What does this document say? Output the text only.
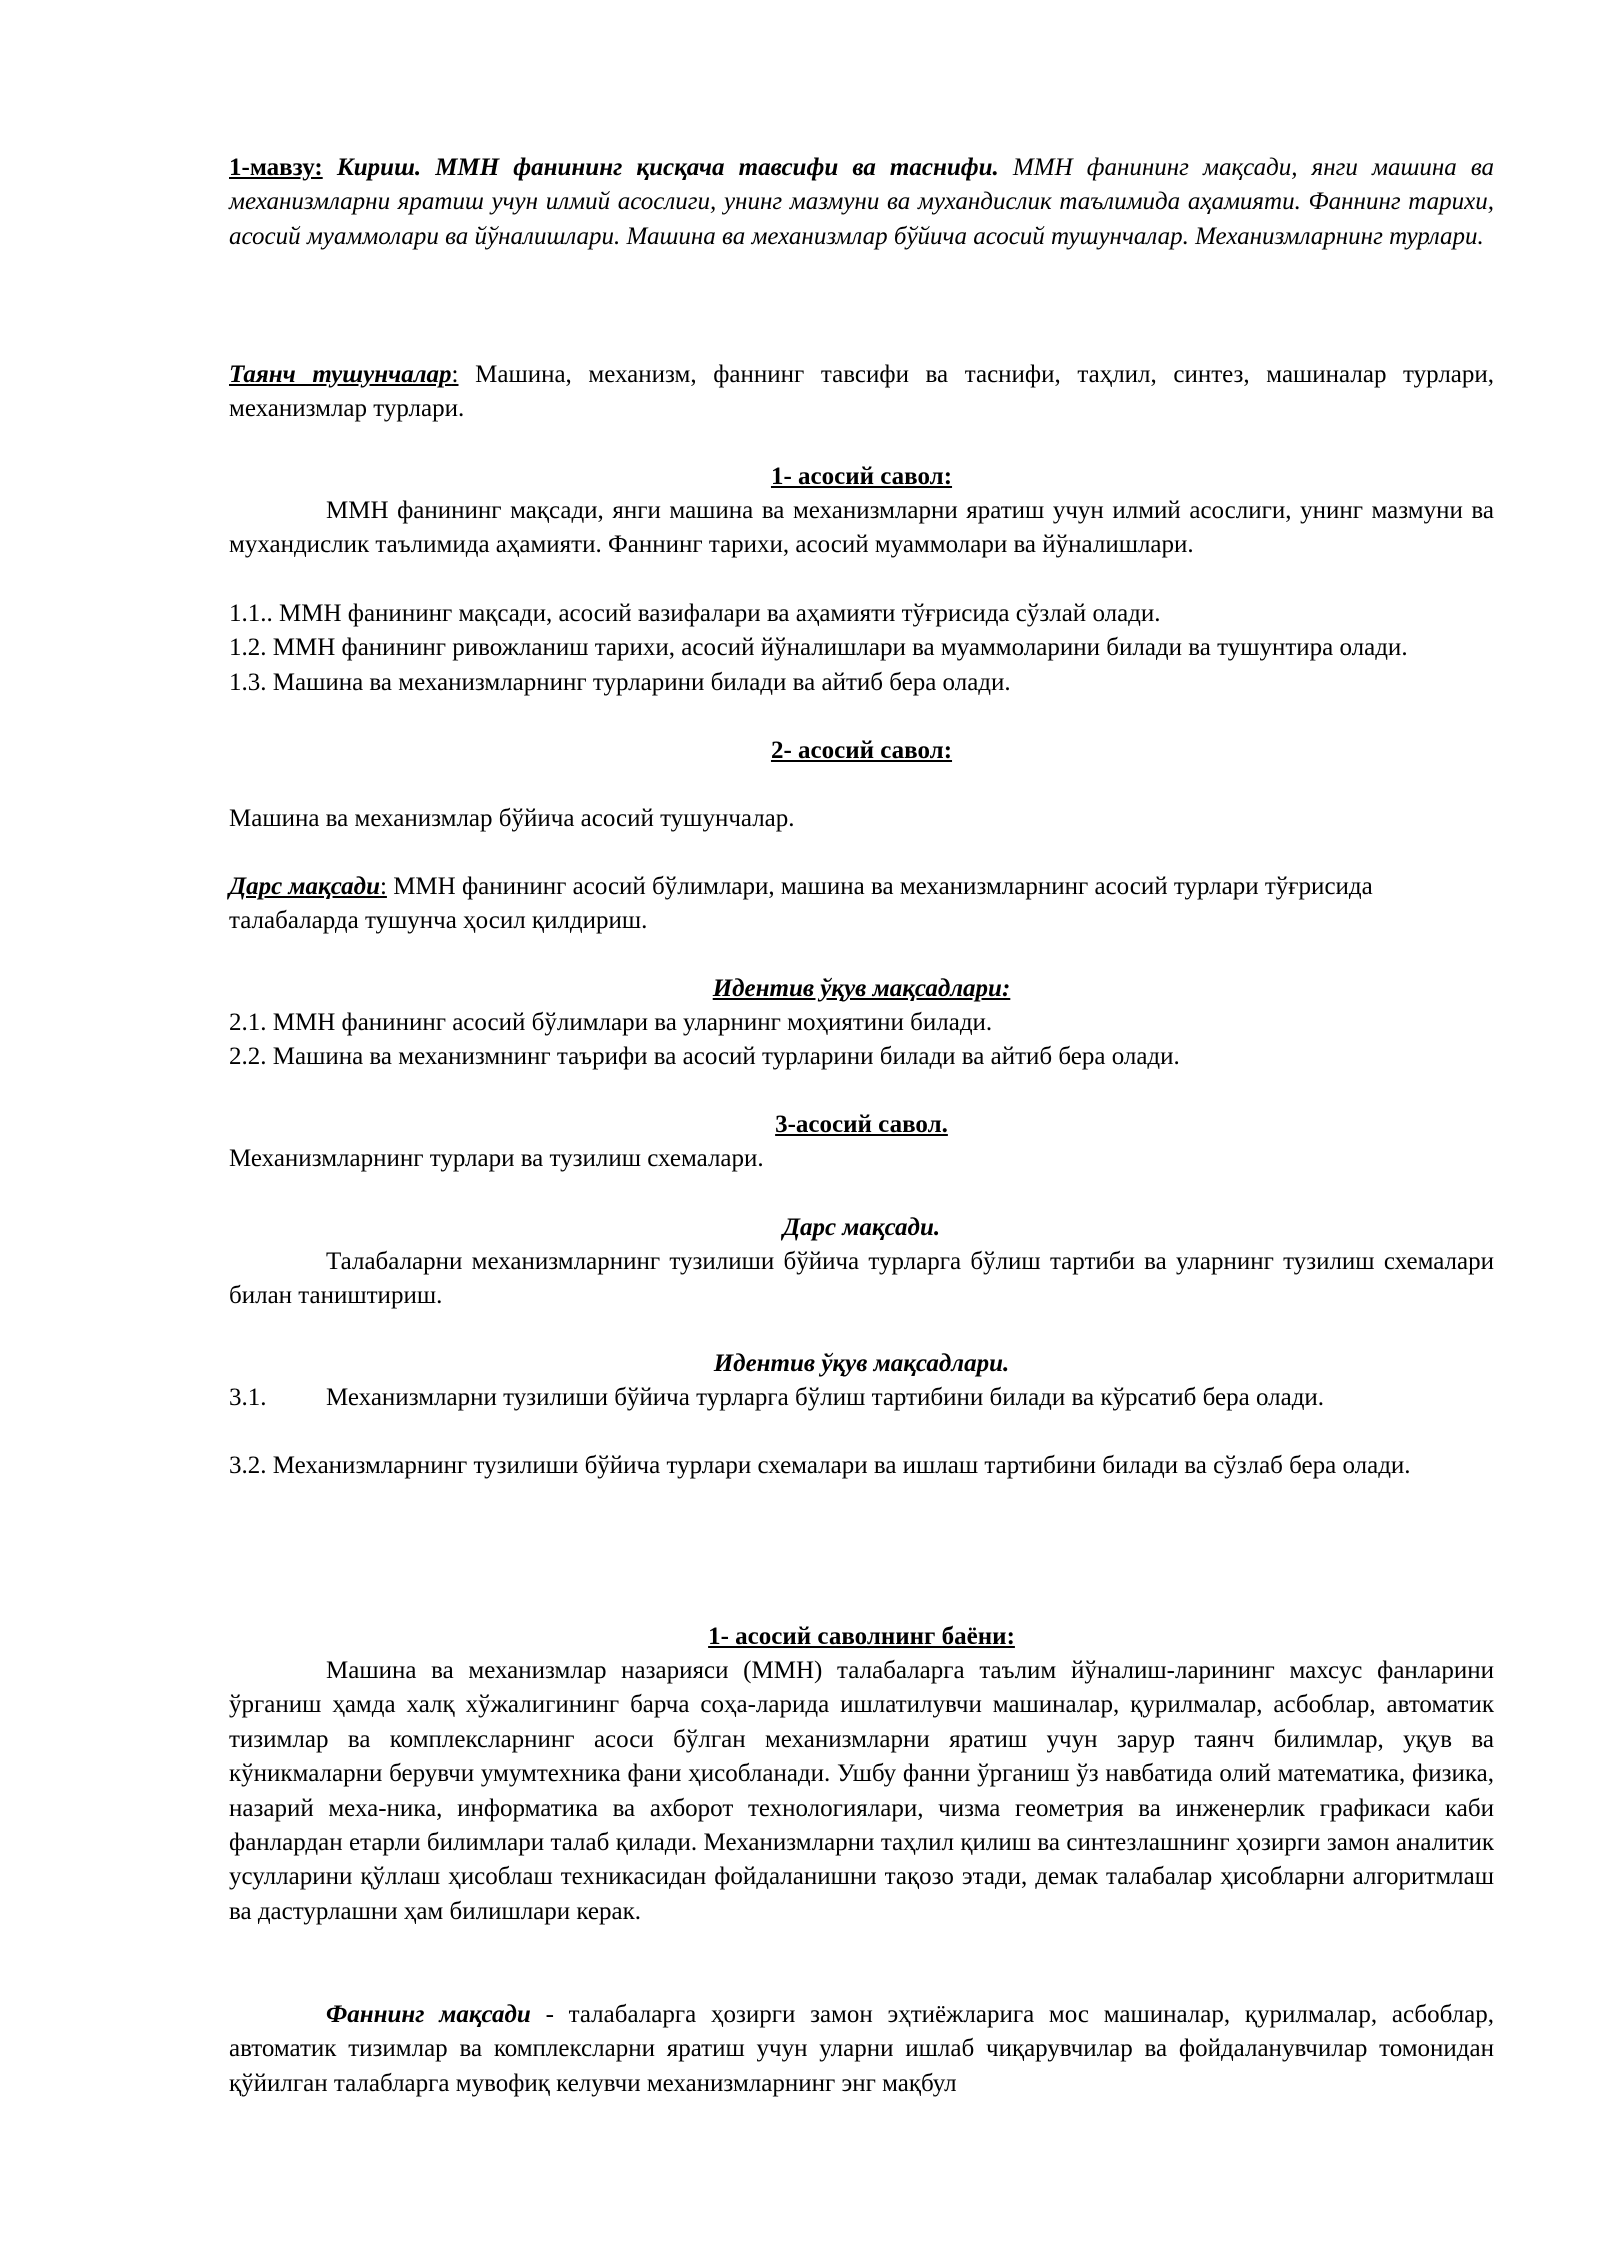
1-мавзу: Кириш. ММН фанининг қисқача тавсифи ва таснифи. ММН фанининг мақсади, янги машина ва механизмларни яратиш учун илмий асослиги, унинг мазмуни ва мухандислик таълимида аҳамияти. Фаннинг тарихи, асосий муаммолари ва йўналишлари. Машина ва механизмлар бўйича асосий тушунчалар. Механизмларнинг турлари.

Таянч тушунчалар: Машина, механизм, фаннинг тавсифи ва таснифи, таҳлил, синтез, машиналар турлари, механизмлар турлари.

1- асосий савол:

ММН фанининг мақсади, янги машина ва механизмларни яратиш учун илмий асослиги, унинг мазмуни ва мухандислик таълимида аҳамияти. Фаннинг тарихи, асосий муаммолари ва йўналишлари.

1.1.. ММН фанининг мақсади, асосий вазифалари ва аҳамияти тўғрисида сўзлай олади.

1.2. ММН фанининг ривожланиш тарихи, асосий йўналишлари ва муаммоларини билади ва тушунтира олади.

1.3. Машина ва механизмларнинг турларини билади ва айтиб бера олади.

2- асосий савол:

Машина ва механизмлар бўйича асосий тушунчалар.

Дарс мақсади: ММН фанининг асосий бўлимлари, машина ва механизмларнинг асосий турлари тўғрисида талабаларда тушунча ҳосил қилдириш.

Идентив ўқув мақсадлари:

2.1. ММН фанининг асосий бўлимлари ва уларнинг моҳиятини билади.

2.2. Машина ва механизмнинг таърифи ва асосий турларини билади ва айтиб бера олади.

3-асосий савол.

Механизмларнинг турлари ва тузилиш схемалари.

Дарс мақсади.

Талабаларни механизмларнинг тузилиши бўйича турларга бўлиш тартиби ва уларнинг тузилиш схемалари билан таништириш.

Идентив ўқув мақсадлари.

3.1.	Механизмларни тузилиши бўйича турларга бўлиш тартибини билади ва кўрсатиб бера олади.

3.2. Механизмларнинг тузилиши бўйича турлари схемалари ва ишлаш тартибини билади ва сўзлаб бера олади.

1- асосий саволнинг баёни:

Машина ва механизмлар назарияси (ММН) талабаларга таълим йўналиш-ларининг махсус фанларини ўрганиш ҳамда халқ хўжалигининг барча соҳа-ларида ишлатилувчи машиналар, қурилмалар, асбоблар, автоматик тизимлар ва комплексларнинг асоси бўлган механизмларни яратиш учун зарур таянч билимлар, уқув ва кўникмаларни берувчи умумтехника фани ҳисобланади. Ушбу фанни ўрганиш ўз навбатида олий математика, физика, назарий меха-ника, информатика ва ахборот технологиялари, чизма геометрия ва инженерлик графикаси каби фанлардан етарли билимлари талаб қилади. Механизмларни таҳлил қилиш ва синтезлашнинг ҳозирги замон аналитик усулларини қўллаш ҳисоблаш техникасидан фойдаланишни тақозо этади, демак талабалар ҳисобларни алгоритмлаш ва дастурлашни ҳам билишлари керак.

Фаннинг мақсади - талабаларга ҳозирги замон эҳтиёжларига мос машиналар, қурилмалар, асбоблар, автоматик тизимлар ва комплексларни яратиш учун уларни ишлаб чиқарувчилар ва фойдаланувчилар томонидан қўйилган талабларга мувофиқ келувчи механизмларнинг энг мақбул
